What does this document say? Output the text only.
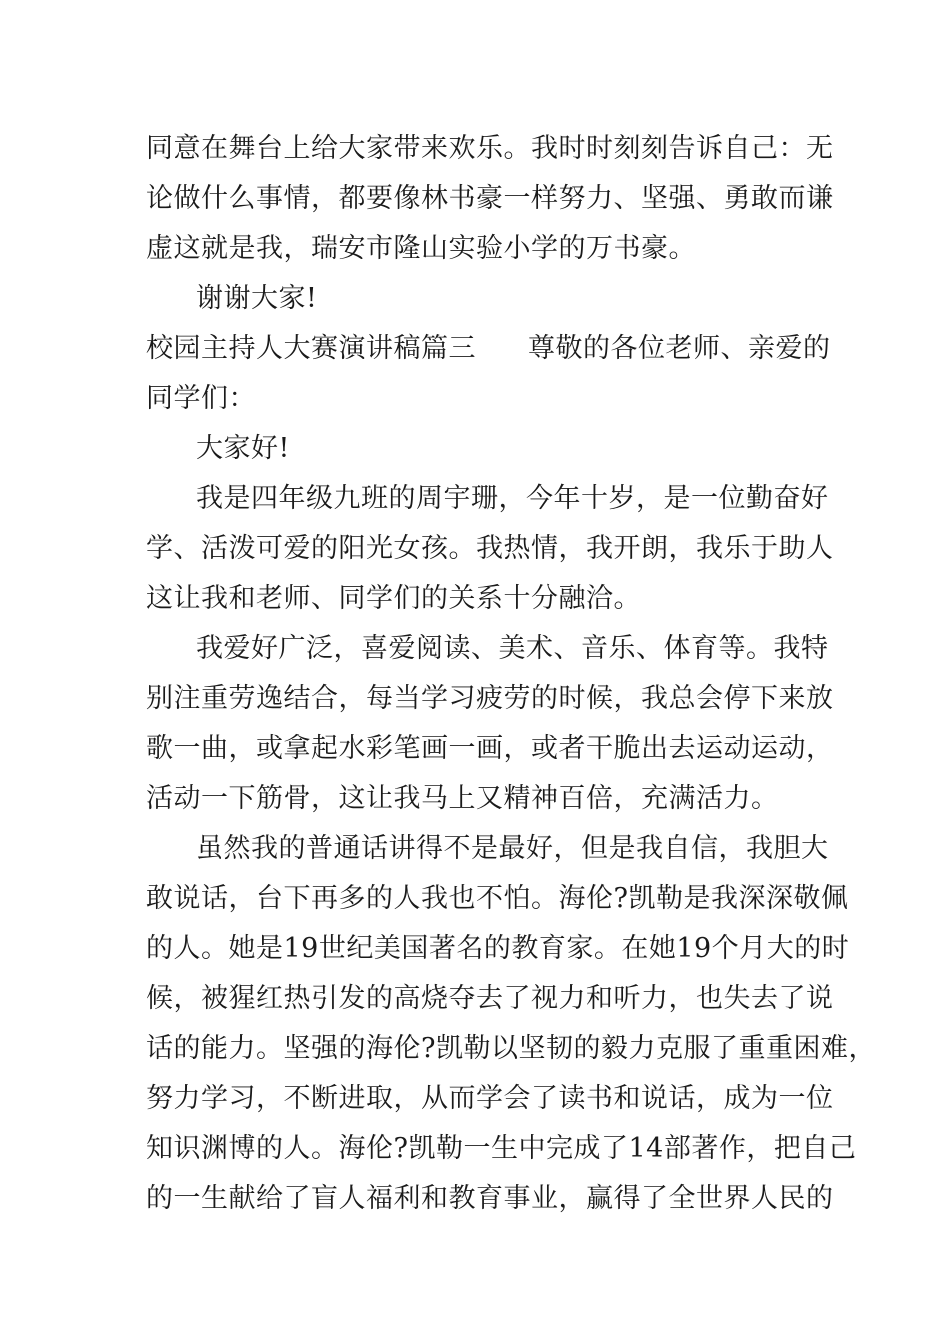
同意在舞台上给大家带来欢乐。我时时刻刻告诉自己：无
论做什么事情，都要像林书豪一样努力、坚强、勇敢而谦
虚这就是我，瑞安市隆山实验小学的万书豪。
谢谢大家!
校园主持人大赛演讲稿篇三 尊敬的各位老师、亲爱的
同学们：
大家好!
我是四年级九班的周宇珊，今年十岁，是一位勤奋好
学、活泼可爱的阳光女孩。我热情，我开朗，我乐于助人
这让我和老师、同学们的关系十分融洽。
我爱好广泛，喜爱阅读、美术、音乐、体育等。我特
别注重劳逸结合，每当学习疲劳的时候，我总会停下来放
歌一曲，或拿起水彩笔画一画，或者干脆出去运动运动，
活动一下筋骨，这让我马上又精神百倍，充满活力。
虽然我的普通话讲得不是最好，但是我自信，我胆大
敢说话，台下再多的人我也不怕。海伦?凯勒是我深深敬佩
的人。她是19世纪美国著名的教育家。在她19个月大的时
候，被猩红热引发的高烧夺去了视力和听力，也失去了说
话的能力。坚强的海伦?凯勒以坚韧的毅力克服了重重困难，
努力学习，不断进取，从而学会了读书和说话，成为一位
知识渊博的人。海伦?凯勒一生中完成了14部著作，把自己
的一生献给了盲人福利和教育事业，赢得了全世界人民的
